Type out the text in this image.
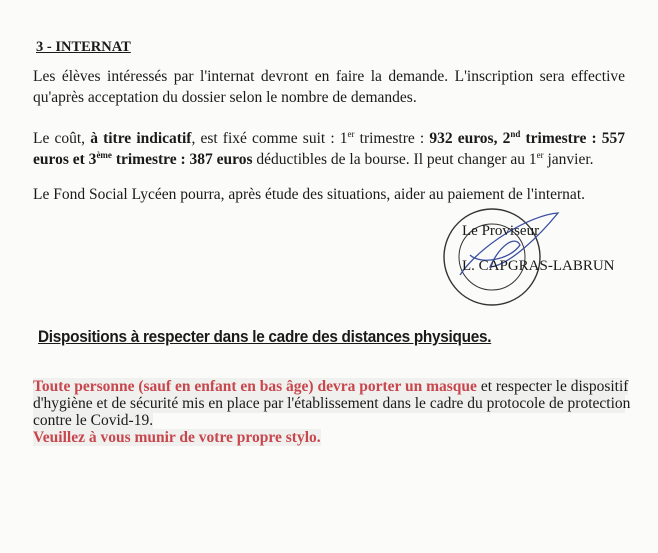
3 - INTERNAT
Les élèves intéressés par l'internat devront en faire la demande. L'inscription sera effective
qu'après acceptation du dossier selon le nombre de demandes.
Le coût, à titre indicatif, est fixé comme suit : 1er trimestre : 932 euros, 2nd trimestre : 557
euros et 3ème trimestre : 387 euros déductibles de la bourse. Il peut changer au 1er janvier.
Le Fond Social Lycéen pourra, après étude des situations, aider au paiement de l'internat.
Le Proviseur
L. CAPGRAS-LABRUN
Dispositions à respecter dans le cadre des distances physiques.
Toute personne (sauf en enfant en bas âge) devra porter un masque et respecter le dispositif
d'hygiène et de sécurité mis en place par l'établissement dans le cadre du protocole de protection
contre le Covid-19.
Veuillez à vous munir de votre propre stylo.
